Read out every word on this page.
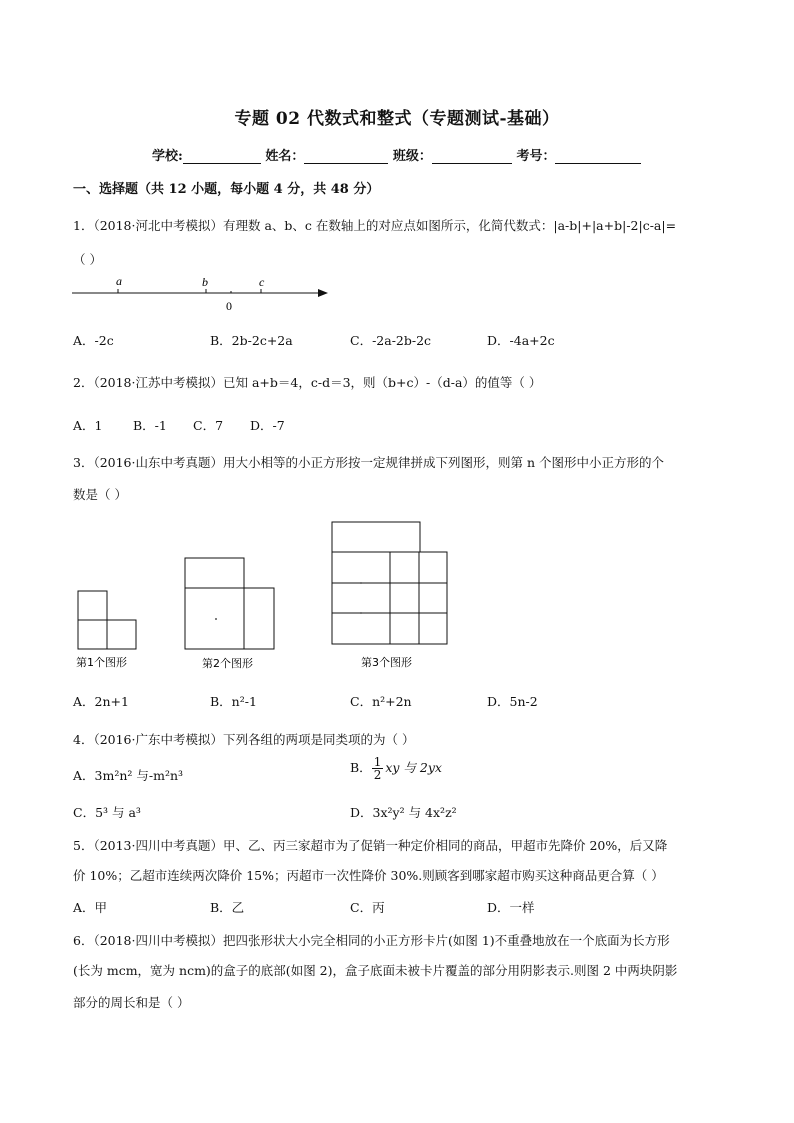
专题 02 代数式和整式（专题测试-基础）
学校:	姓名：	班级：	考号：
一、选择题（共 12 小题，每小题 4 分，共 48 分）
1．（2018·河北中考模拟）有理数 a、b、c 在数轴上的对应点如图所示，化简代数式：|a-b|+|a+b|-2|c-a|=
（ ）
a	b	c
0
A．-2c	B．2b-2c+2a	C．-2a-2b-2c	D．-4a+2c
2．（2018·江苏中考模拟）已知 a+b＝4，c-d＝3，则（b+c）-（d-a）的值等（ ）
A．1 B．-1 C．7 D．-7
3．（2016·山东中考真题）用大小相等的小正方形按一定规律拼成下列图形，则第 n 个图形中小正方形的个
数是（ ）
第1个图形	第2个图形	第3个图形
A．2n+1	B．n²-1	C．n²+2n	D．5n-2
4．（2016·广东中考模拟）下列各组的两项是同类项的为（ ）
A．3m²n² 与-m²n³
B． $\frac{1}{2}$ xy 与 2yx
C．5³ 与 a³	D．3x²y² 与 4x²z²
5．（2013·四川中考真题）甲、乙、丙三家超市为了促销一种定价相同的商品，甲超市先降价 20%，后又降
价 10%；乙超市连续两次降价 15%；丙超市一次性降价 30%.则顾客到哪家超市购买这种商品更合算（ ）
A．甲	B．乙	C．丙	D．一样
6．（2018·四川中考模拟）把四张形状大小完全相同的小正方形卡片(如图 1)不重叠地放在一个底面为长方形
(长为 mcm，宽为 ncm)的盒子的底部(如图 2)，盒子底面未被卡片覆盖的部分用阴影表示.则图 2 中两块阴影
部分的周长和是（ ）
